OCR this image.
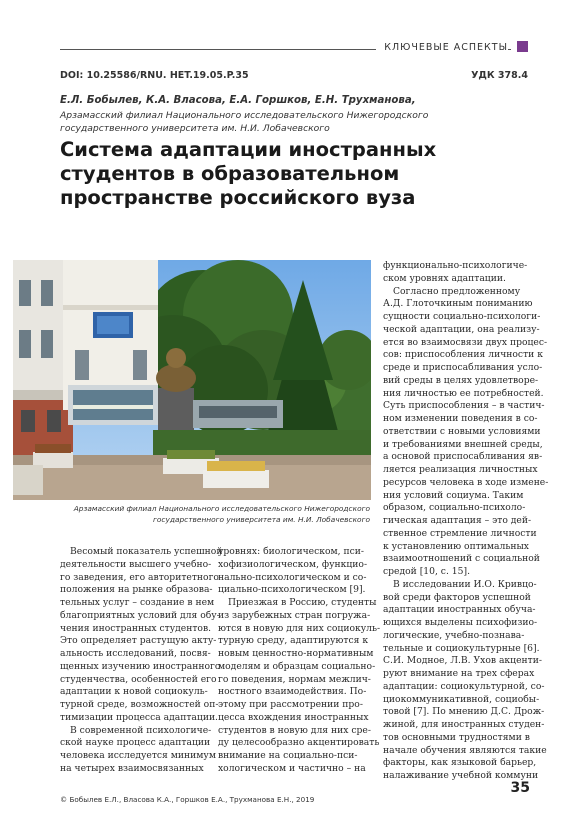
КЛЮЧЕВЫЕ АСПЕКТЫ
DOI: 10.25586/RNU. HET.19.05.P.35	УДК 378.4
Е.Л. Бобылев, К.А. Власова, Е.А. Горшков, Е.Н. Трухманова,
Арзамасский филиал Национального исследовательского Нижегородского
государственного университета им. Н.И. Лобачевского
Система адаптации иностранных
студентов в образовательном
пространстве российского вуза
Арзамасский филиал Национального исследовательского Нижегородского
государственного университета им. Н.И. Лобачевского
Весомый показатель успешной
деятельности высшего учебно-
го заведения, его авторитетного
положения на рынке образова-
тельных услуг – создание в нем
благоприятных условий для обу-
чения иностранных студентов.
Это определяет растущую акту-
альность исследований, посвя-
щенных изучению иностранного
студенчества, особенностей его
адаптации к новой социокуль-
турной среде, возможностей оп-
тимизации процесса адаптации.
В современной психологиче-
ской науке процесс адаптации
человека исследуется минимум
на четырех взаимосвязанных
уровнях: биологическом, пси-
хофизиологическом, функцио-
нально-психологическом и со-
циально-психологическом [9].
Приезжая в Россию, студенты
из зарубежных стран погружа-
ются в новую для них социокуль-
турную среду, адаптируются к
новым ценностно-нормативным
моделям и образцам социально-
го поведения, нормам межлич-
ностного взаимодействия. По-
этому при рассмотрении про-
цесса вхождения иностранных
студентов в новую для них сре-
ду целесообразно акцентировать
внимание на социально-пси-
хологическом и частично – на
функционально-психологиче-
ском уровнях адаптации.
Согласно предложенному
А.Д. Глоточкиным пониманию
сущности социально-психологи-
ческой адаптации, она реализу-
ется во взаимосвязи двух процес-
сов: приспособления личности к
среде и приспосабливания усло-
вий среды в целях удовлетворе-
ния личностью ее потребностей.
Суть приспособления – в частич-
ном изменении поведения в со-
ответствии с новыми условиями
и требованиями внешней среды,
а основой приспосабливания яв-
ляется реализация личностных
ресурсов человека в ходе измене-
ния условий социума. Таким
образом, социально-психоло-
гическая адаптация – это дей-
ственное стремление личности
к установлению оптимальных
взаимоотношений с социальной
средой [10, с. 15].
В исследовании И.О. Кривцо-
вой среди факторов успешной
адаптации иностранных обуча-
ющихся выделены психофизио-
логические, учебно-познава-
тельные и социокультурные [6].
С.И. Модное, Л.В. Ухов акценти-
руют внимание на трех сферах
адаптации: социокультурной, со-
циокоммуникативной, социобы-
товой [7]. По мнению Д.С. Дрож-
жиной, для иностранных студен-
тов основными трудностями в
начале обучения являются такие
факторы, как языковой барьер,
налаживание учебной коммуни
© Бобылев Е.Л., Власова К.А., Горшков Е.А., Трухманова Е.Н., 2019
35
